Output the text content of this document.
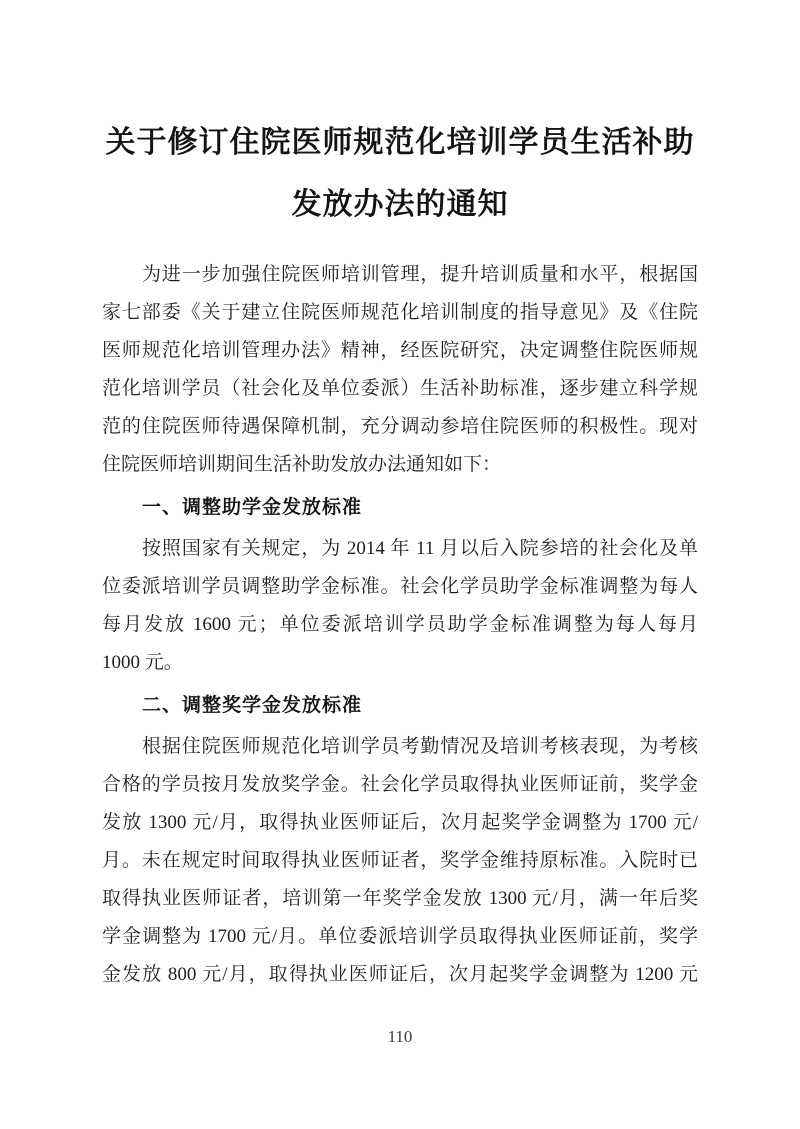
关于修订住院医师规范化培训学员生活补助
发放办法的通知
为进一步加强住院医师培训管理，提升培训质量和水平，根据国
家七部委《关于建立住院医师规范化培训制度的指导意见》及《住院
医师规范化培训管理办法》精神，经医院研究，决定调整住院医师规
范化培训学员（社会化及单位委派）生活补助标准，逐步建立科学规
范的住院医师待遇保障机制，充分调动参培住院医师的积极性。现对
住院医师培训期间生活补助发放办法通知如下：
一、调整助学金发放标准
按照国家有关规定，为 2014 年 11 月以后入院参培的社会化及单
位委派培训学员调整助学金标准。社会化学员助学金标准调整为每人
每月发放 1600 元；单位委派培训学员助学金标准调整为每人每月
1000 元。
二、调整奖学金发放标准
根据住院医师规范化培训学员考勤情况及培训考核表现，为考核
合格的学员按月发放奖学金。社会化学员取得执业医师证前，奖学金
发放 1300 元/月，取得执业医师证后，次月起奖学金调整为 1700 元/
月。未在规定时间取得执业医师证者，奖学金维持原标准。入院时已
取得执业医师证者，培训第一年奖学金发放 1300 元/月，满一年后奖
学金调整为 1700 元/月。单位委派培训学员取得执业医师证前，奖学
金发放 800 元/月，取得执业医师证后，次月起奖学金调整为 1200 元
110
